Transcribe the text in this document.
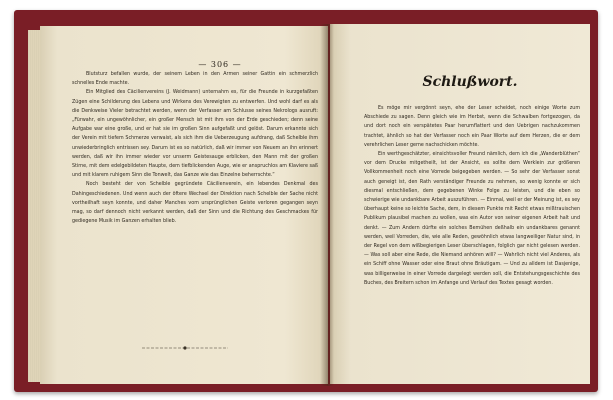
— 306 —

Blutsturz befallen wurde, der seinem Leben in den Armen seiner Gattin ein schmerzlich schnelles Ende machte.

Ein Mitglied des Cäcilienvereins (J. Weidmann) unternahm es, für die Freunde in kurzgefaßten Zügen eine Schilderung des Lebens und Wirkens des Verewigten zu entwerfen. Und wohl darf es als die Denkweise Vieler betrachtet werden, wenn der Verfasser am Schlusse seines Nekrologs ausruft: „Fürwahr, ein ungewöhnlicher, ein großer Mensch ist mit ihm von der Erde geschieden; denn seine Aufgabe war eine große, und er hat sie im großen Sinn aufgefaßt und gelöst. Darum erkannte sich der Verein mit tiefem Schmerze verwaist, als sich ihm die Ueberzeugung aufdrang, daß Schelble ihm unwiederbringlich entrissen sey. Darum ist es so natürlich, daß wir immer von Neuem an ihn erinnert werden, daß wir ihn immer wieder vor unserm Geistesauge erblicken, den Mann mit der großen Stirne, mit dem edelgebildeten Haupte, dem tiefblickenden Auge, wie er anspruchlos am Klaviere saß und mit klarem ruhigem Sinn die Tonwelt, das Ganze wie das Einzelne beherrschte.“

Noch besteht der von Schelble gegründete Cäcilienverein, ein lebendes Denkmal des Dahingeschiedenen. Und wenn auch der öftere Wechsel der Direktion nach Schelble der Sache nicht vortheilhaft seyn konnte, und daher Manches vom ursprünglichen Geiste verloren gegangen seyn mag, so darf dennoch nicht verkannt werden, daß der Sinn und die Richtung des Geschmackes für gediegene Musik im Ganzen erhalten blieb.

Schlußwort.

Es möge mir vergönnt seyn, ehe der Leser scheidet, noch einige Worte zum Abschiede zu sagen. Denn gleich wie im Herbst, wenn die Schwalben fortgezogen, da und dort noch ein verspätetes Paar herumflattert und den Uebrigen nachzukommen trachtet, ähnlich so hat der Verfasser noch ein Paar Worte auf dem Herzen, die er dem verehrlichen Leser gerne nachschicken möchte.

Ein werthgeschätzter, einsichtsvoller Freund nämlich, dem ich die „Wanderblüthen“ vor dem Drucke mitgetheilt, ist der Ansicht, es sollte dem Werklein zur größeren Vollkommenheit noch eine Vorrede beigegeben werden. — So sehr der Verfasser sonst auch geneigt ist, den Rath verständiger Freunde zu nehmen, so wenig konnte er sich diesmal entschließen, dem gegebenen Winke Folge zu leisten, und die eben so schwierige wie undankbare Arbeit auszuführen. — Einmal, weil er der Meinung ist, es sey überhaupt keine so leichte Sache, dem, in diesem Punkte mit Recht etwas mißtrauischen Publikum plausibel machen zu wollen, was ein Autor von seiner eigenen Arbeit halt und denkt. — Zum Andern dürfte ein solches Bemühen deßhalb ein undankbares genannt werden, weil Vorreden, die, wie alle Reden, gewöhnlich etwas langweiliger Natur sind, in der Regel von dem wißbegierigen Leser überschlagen, folglich gar nicht gelesen werden. — Was soll aber eine Rede, die Niemand anhören will? — Wahrlich nicht viel Anderes, als ein Schiff ohne Wasser oder eine Braut ohne Bräutigam. — Und zu alldem ist Dasjenige, was billigerweise in einer Vorrede dargelegt werden soll, die Entstehungsgeschichte des Buches, des Breitern schon im Anfange und Verlauf des Textes gesagt worden.
